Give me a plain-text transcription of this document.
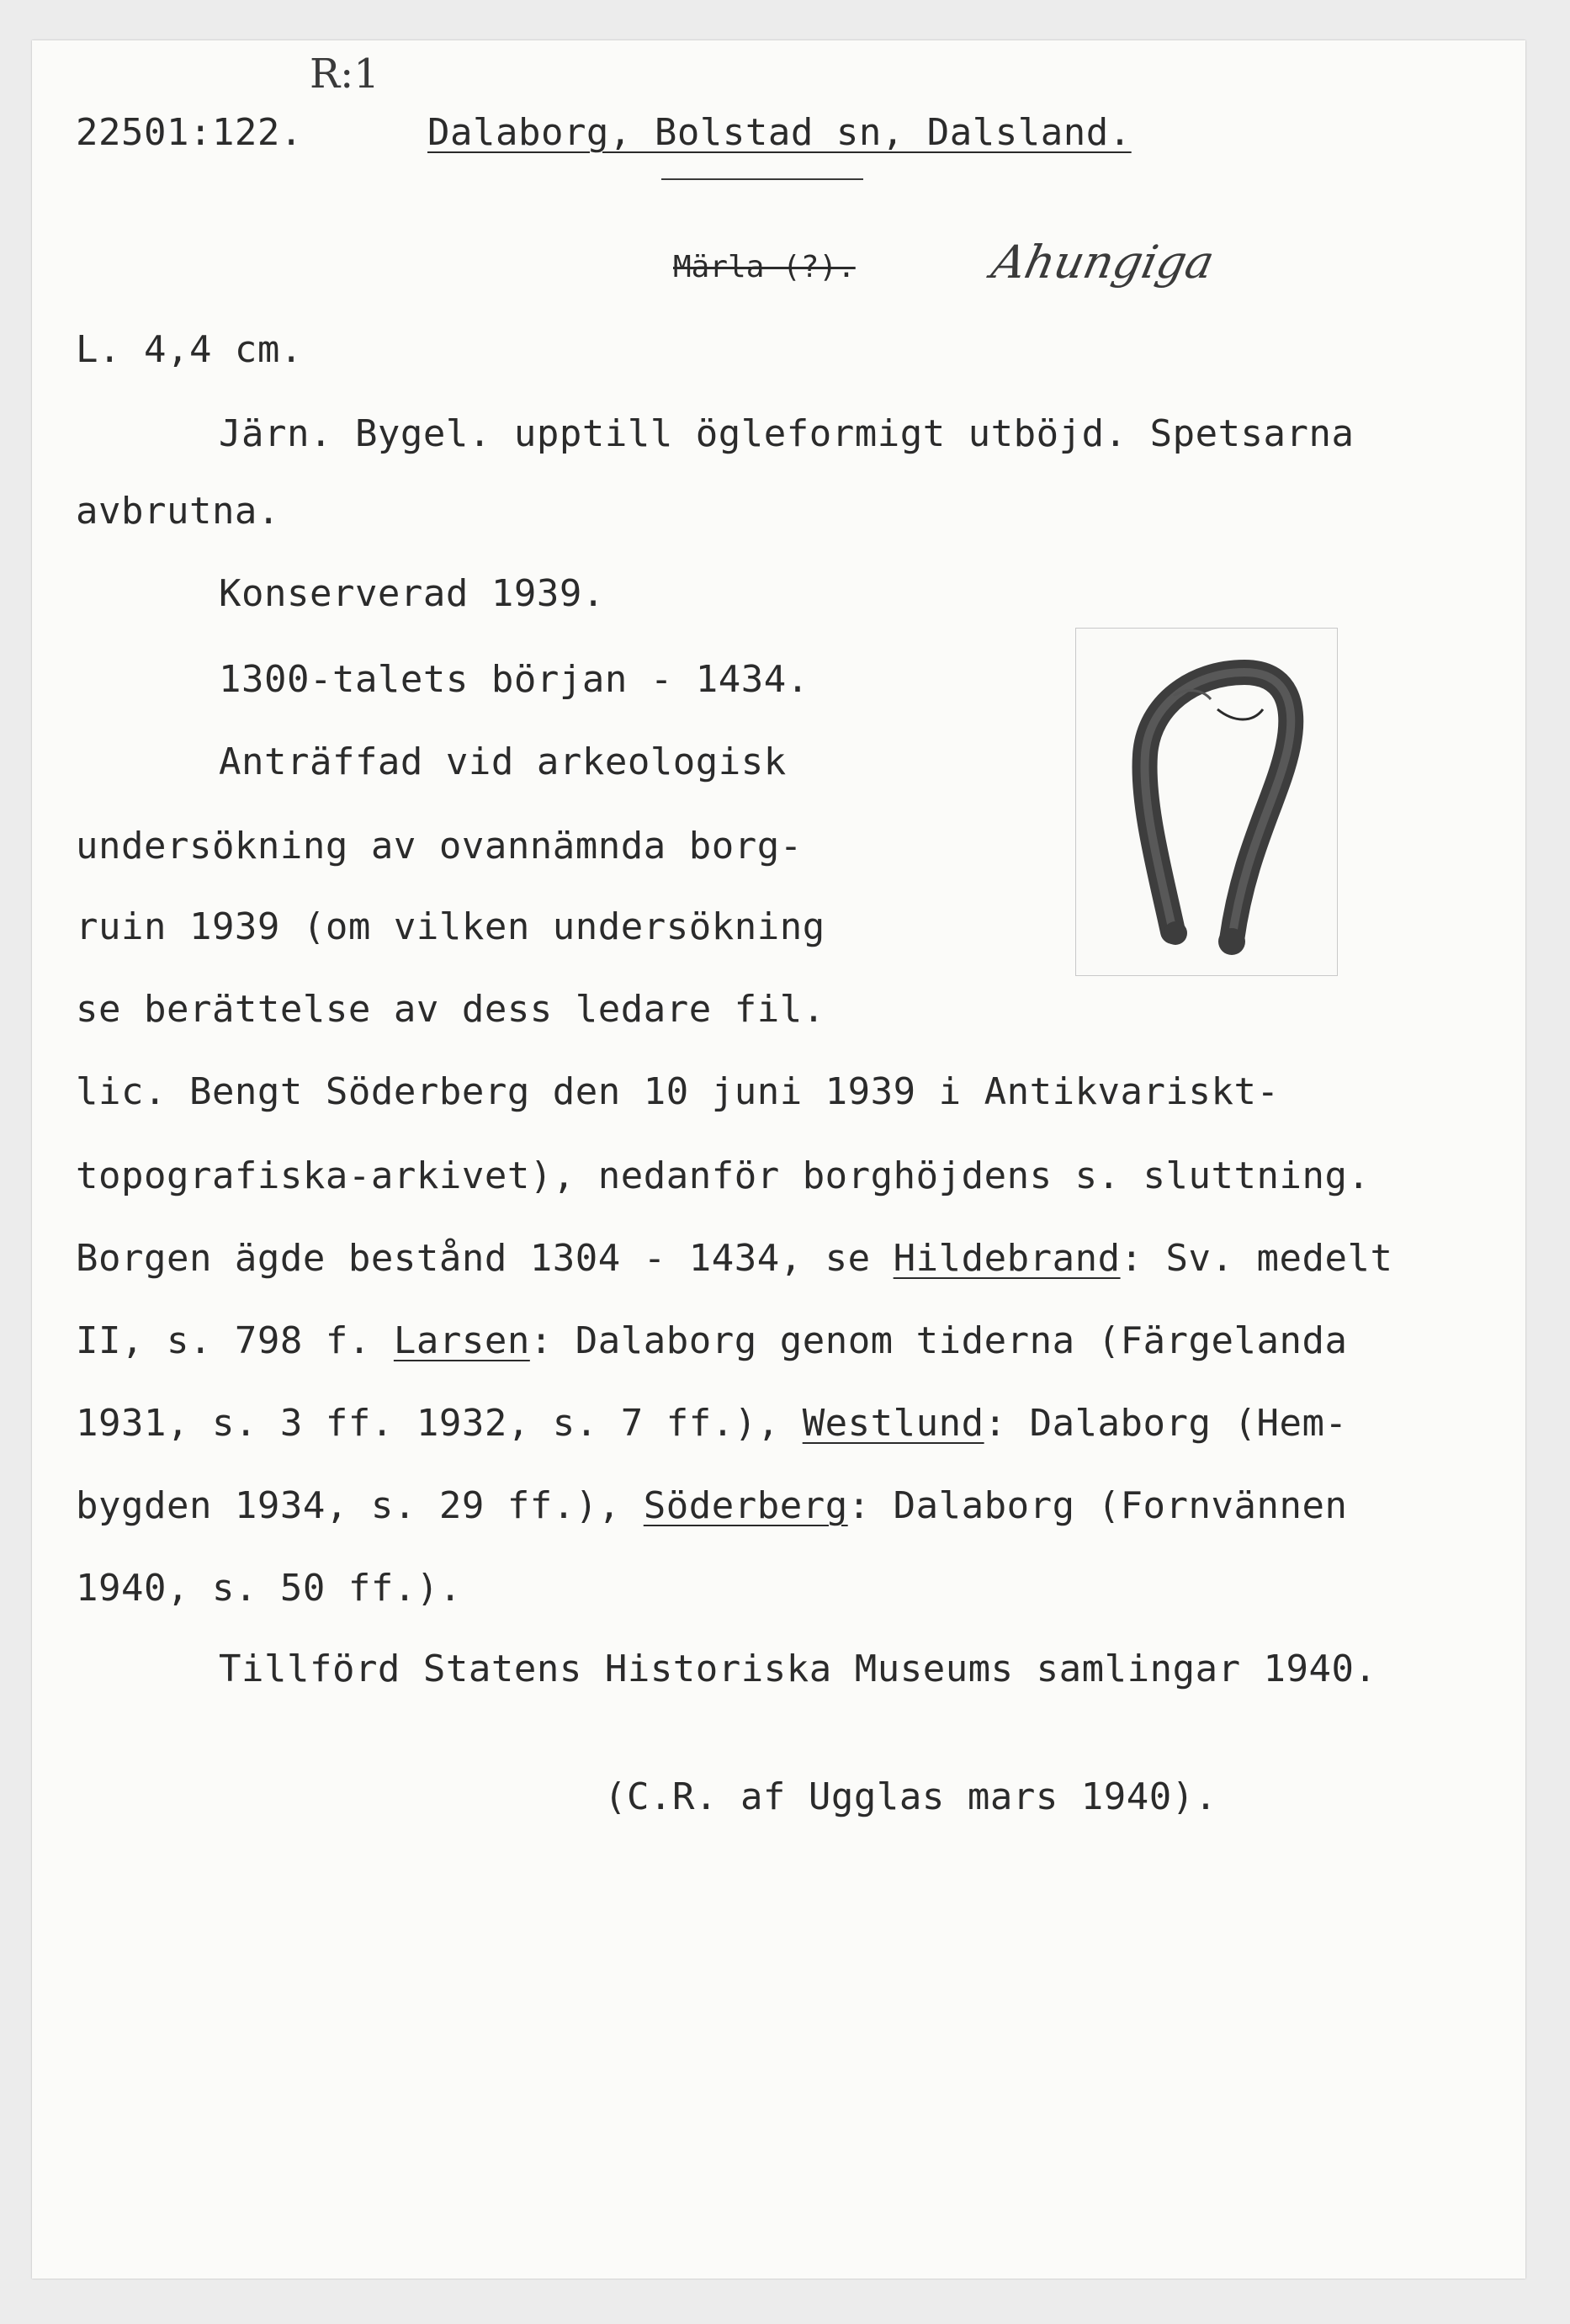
R:1
22501:122.	Dalaborg, Bolstad sn, Dalsland.
Märla (?).	Ahungiga
L. 4,4 cm.
Järn. Bygel. upptill ögleformigt utböjd. Spetsarna
avbrutna.
Konserverad 1939.
1300-talets början - 1434.
Anträffad vid arkeologisk
undersökning av ovannämnda borg-
ruin 1939 (om vilken undersökning
se berättelse av dess ledare fil.
lic. Bengt Söderberg den 10 juni 1939 i Antikvariskt-
topografiska-arkivet), nedanför borghöjdens s. sluttning.
Borgen ägde bestånd 1304 - 1434, se Hildebrand: Sv. medelt
II, s. 798 f. Larsen: Dalaborg genom tiderna (Färgelanda
1931, s. 3 ff. 1932, s. 7 ff.), Westlund: Dalaborg (Hem-
bygden 1934, s. 29 ff.), Söderberg: Dalaborg (Fornvännen
1940, s. 50 ff.).
Tillförd Statens Historiska Museums samlingar 1940.
(C.R. af Ugglas mars 1940).
